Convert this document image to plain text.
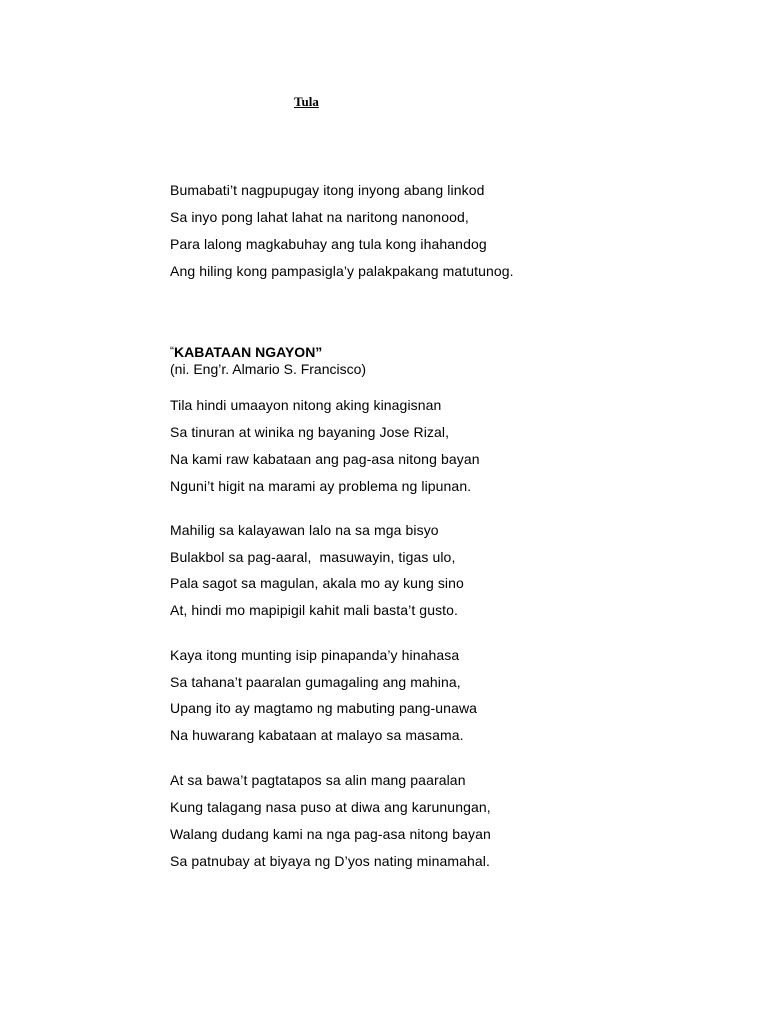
Tula
Bumabati’t nagpupugay itong inyong abang linkod
Sa inyo pong lahat lahat na naritong nanonood,
Para lalong magkabuhay ang tula kong ihahandog
Ang hiling kong pampasigla’y palakpakang matutunog.
“KABATAAN NGAYON”
(ni. Eng’r. Almario S. Francisco)
Tila hindi umaayon nitong aking kinagisnan
Sa tinuran at winika ng bayaning Jose Rizal,
Na kami raw kabataan ang pag-asa nitong bayan
Nguni’t higit na marami ay problema ng lipunan.
Mahilig sa kalayawan lalo na sa mga bisyo
Bulakbol sa pag-aaral,  masuwayin, tigas ulo,
Pala sagot sa magulan, akala mo ay kung sino
At, hindi mo mapipigil kahit mali basta’t gusto.
Kaya itong munting isip pinapanda’y hinahasa
Sa tahana’t paaralan gumagaling ang mahina,
Upang ito ay magtamo ng mabuting pang-unawa
Na huwarang kabataan at malayo sa masama.
At sa bawa’t pagtatapos sa alin mang paaralan
Kung talagang nasa puso at diwa ang karunungan,
Walang dudang kami na nga pag-asa nitong bayan
Sa patnubay at biyaya ng D’yos nating minamahal.
